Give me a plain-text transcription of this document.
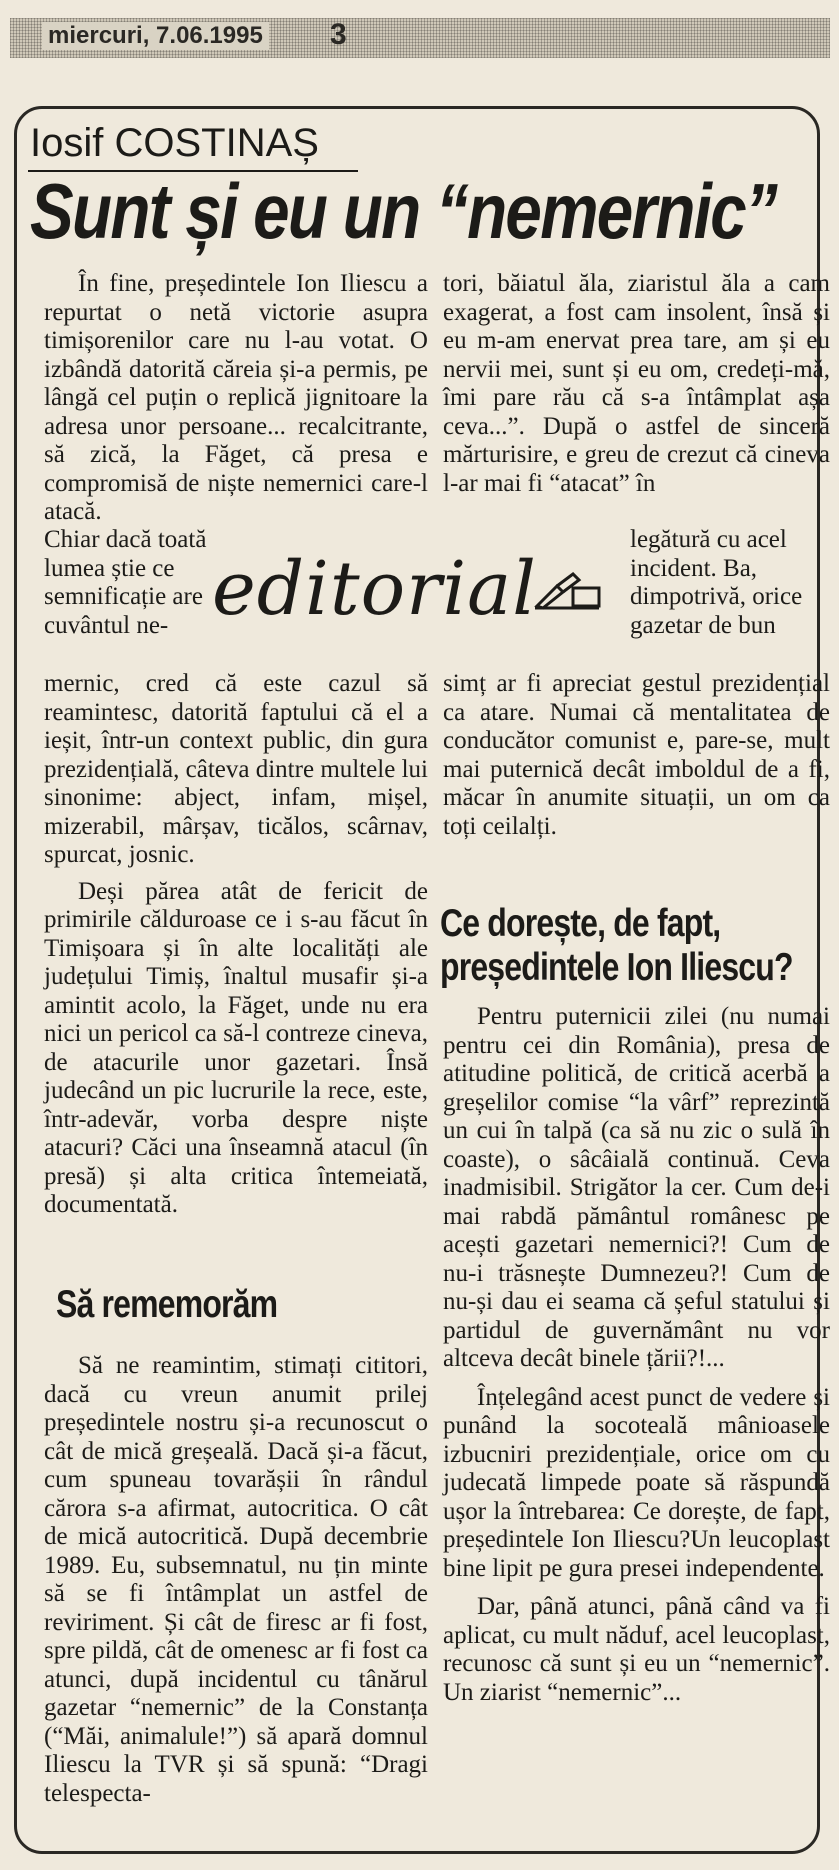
miercuri, 7.06.1995 3
Iosif COSTINAȘ
Sunt și eu un “nemernic”

În fine, președintele Ion Iliescu a repurtat o netă victorie asupra timișorenilor care nu l-au votat. O izbândă datorită căreia și-a permis, pe lângă cel puțin o replică jignitoare la adresa unor persoane... recalcitrante, să zică, la Făget, că presa e compromisă de niște nemernici care-l atacă.

Chiar dacă toată lumea știe ce semnificație are cuvântul ne-
mernic, cred că este cazul să reamintesc, datorită faptului că el a ieșit, într-un context public, din gura prezidențială, câteva dintre multele lui sinonime: abject, infam, mișel, mizerabil, mârșav, ticălos, scârnav, spurcat, josnic.

Deși părea atât de fericit de primirile călduroase ce i s-au făcut în Timișoara și în alte localități ale județului Timiș, înaltul musafir și-a amintit acolo, la Făget, unde nu era nici un pericol ca să-l contreze cineva, de atacurile unor gazetari. Însă judecând un pic lucrurile la rece, este, într-adevăr, vorba despre niște atacuri? Căci una înseamnă atacul (în presă) și alta critica întemeiată, documentată.

editorial
Să rememorăm

Să ne reamintim, stimați cititori, dacă cu vreun anumit prilej președintele nostru și-a recunoscut o cât de mică greșeală. Dacă și-a făcut, cum spuneau tovarășii în rândul cărora s-a afirmat, autocritica. O cât de mică autocritică. După decembrie 1989. Eu, subsemnatul, nu țin minte să se fi întâmplat un astfel de reviriment. Și cât de firesc ar fi fost, spre pildă, cât de omenesc ar fi fost ca atunci, după incidentul cu tânărul gazetar “nemernic” de la Constanța (“Măi, animalule!”) să apară domnul Iliescu la TVR și să spună: “Dragi telespecta-

tori, băiatul ăla, ziaristul ăla a cam exagerat, a fost cam insolent, însă și eu m-am enervat prea tare, am și eu nervii mei, sunt și eu om, credeți-mă, îmi pare rău că s-a întâmplat așa ceva...”. După o astfel de sinceră mărturisire, e greu de crezut că cineva l-ar mai fi “atacat” în
legătură cu acel incident. Ba, dimpotrivă, orice gazetar de bun
simț ar fi apreciat gestul prezidențial ca atare. Numai că mentalitatea de conducător comunist e, pare-se, mult mai puternică decât imboldul de a fi, măcar în anumite situații, un om ca toți ceilalți.
Ce dorește, de fapt,
președintele Ion Iliescu?

Pentru puternicii zilei (nu numai pentru cei din România), presa de atitudine politică, de critică acerbă a greșelilor comise “la vârf” reprezintă un cui în talpă (ca să nu zic o sulă în coaste), o sâcâială continuă. Ceva inadmisibil. Strigător la cer. Cum de-i mai rabdă pământul românesc pe acești gazetari nemernici?! Cum de nu-i trăsnește Dumnezeu?! Cum de nu-și dau ei seama că șeful statului și partidul de guvernământ nu vor altceva decât binele țării?!...

Înțelegând acest punct de vedere și punând la socoteală mânioasele izbucniri prezidențiale, orice om cu judecată limpede poate să răspundă ușor la întrebarea: Ce dorește, de fapt, președintele Ion Iliescu?Un leucoplast bine lipit pe gura presei independente.

Dar, până atunci, până când va fi aplicat, cu mult năduf, acel leucoplast, recunosc că sunt și eu un “nemernic”. Un ziarist “nemernic”...
